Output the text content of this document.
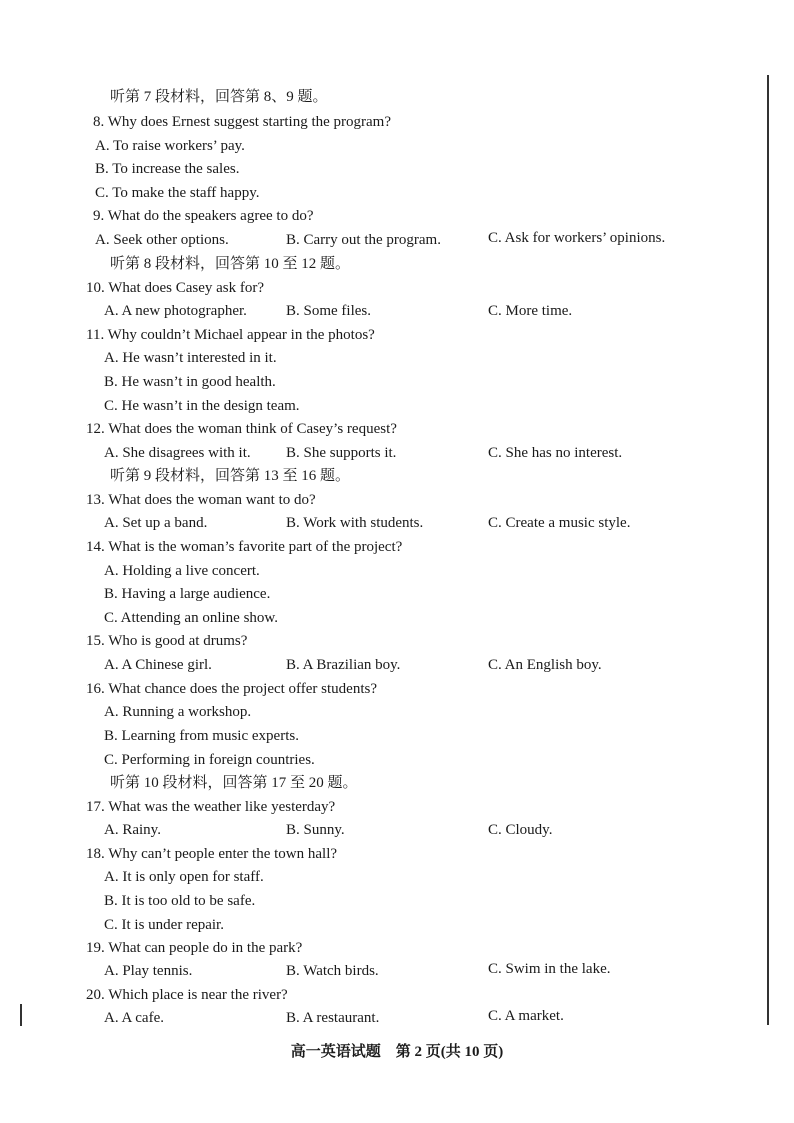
听第 7 段材料，回答第 8、9 题。
8. Why does Ernest suggest starting the program?
A. To raise workers’ pay.
B. To increase the sales.
C. To make the staff happy.
9. What do the speakers agree to do?
A. Seek other options.	B. Carry out the program.	C. Ask for workers’ opinions.
听第 8 段材料，回答第 10 至 12 题。
10. What does Casey ask for?
A. A new photographer.	B. Some files.	C. More time.
11. Why couldn’t Michael appear in the photos?
A. He wasn’t interested in it.
B. He wasn’t in good health.
C. He wasn’t in the design team.
12. What does the woman think of Casey’s request?
A. She disagrees with it. B. She supports it.	C. She has no interest.
听第 9 段材料，回答第 13 至 16 题。
13. What does the woman want to do?
A. Set up a band.	B. Work with students.	C. Create a music style.
14. What is the woman’s favorite part of the project?
A. Holding a live concert.
B. Having a large audience.
C. Attending an online show.
15. Who is good at drums?
A. A Chinese girl.	B. A Brazilian boy.	C. An English boy.
16. What chance does the project offer students?
A. Running a workshop.
B. Learning from music experts.
C. Performing in foreign countries.
听第 10 段材料，回答第 17 至 20 题。
17. What was the weather like yesterday?
A. Rainy.	B. Sunny.	C. Cloudy.
18. Why can’t people enter the town hall?
A. It is only open for staff.
B. It is too old to be safe.
C. It is under repair.
19. What can people do in the park?
A. Play tennis.	B. Watch birds.	C. Swim in the lake.
20. Which place is near the river?
A. A cafe.	B. A restaurant.	C. A market.
高一英语试题　第 2 页(共 10 页)
